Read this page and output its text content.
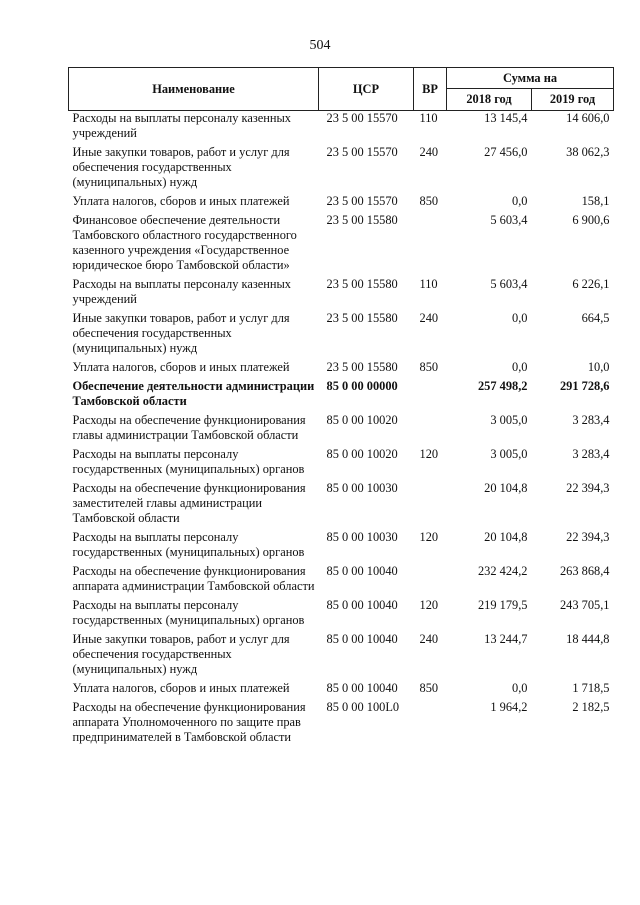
504
Наименование	ЦСР	ВР	Сумма на	
			2018 год	2019 год
Расходы на выплаты персоналу казенных учреждений	23 5 00 15570	110	13 145,4	14 606,0
Иные закупки товаров, работ и услуг для обеспечения государственных (муниципальных) нужд	23 5 00 15570	240	27 456,0	38 062,3
Уплата налогов, сборов и иных платежей	23 5 00 15570	850	0,0	158,1
Финансовое обеспечение деятельности Тамбовского областного государственного казенного учреждения «Государственное юридическое бюро Тамбовской области»	23 5 00 15580		5 603,4	6 900,6
Расходы на выплаты персоналу казенных учреждений	23 5 00 15580	110	5 603,4	6 226,1
Иные закупки товаров, работ и услуг для обеспечения государственных (муниципальных) нужд	23 5 00 15580	240	0,0	664,5
Уплата налогов, сборов и иных платежей	23 5 00 15580	850	0,0	10,0
Обеспечение деятельности администрации Тамбовской области	85 0 00 00000		257 498,2	291 728,6
Расходы на обеспечение функционирования главы администрации Тамбовской области	85 0 00 10020		3 005,0	3 283,4
Расходы на выплаты персоналу государственных (муниципальных) органов	85 0 00 10020	120	3 005,0	3 283,4
Расходы на обеспечение функционирования заместителей главы администрации Тамбовской области	85 0 00 10030		20 104,8	22 394,3
Расходы на выплаты персоналу государственных (муниципальных) органов	85 0 00 10030	120	20 104,8	22 394,3
Расходы на обеспечение функционирования аппарата администрации Тамбовской области	85 0 00 10040		232 424,2	263 868,4
Расходы на выплаты персоналу государственных (муниципальных) органов	85 0 00 10040	120	219 179,5	243 705,1
Иные закупки товаров, работ и услуг для обеспечения государственных (муниципальных) нужд	85 0 00 10040	240	13 244,7	18 444,8
Уплата налогов, сборов и иных платежей	85 0 00 10040	850	0,0	1 718,5
Расходы на обеспечение функционирования аппарата Уполномоченного по защите прав предпринимателей в Тамбовской области	85 0 00 100L0		1 964,2	2 182,5
